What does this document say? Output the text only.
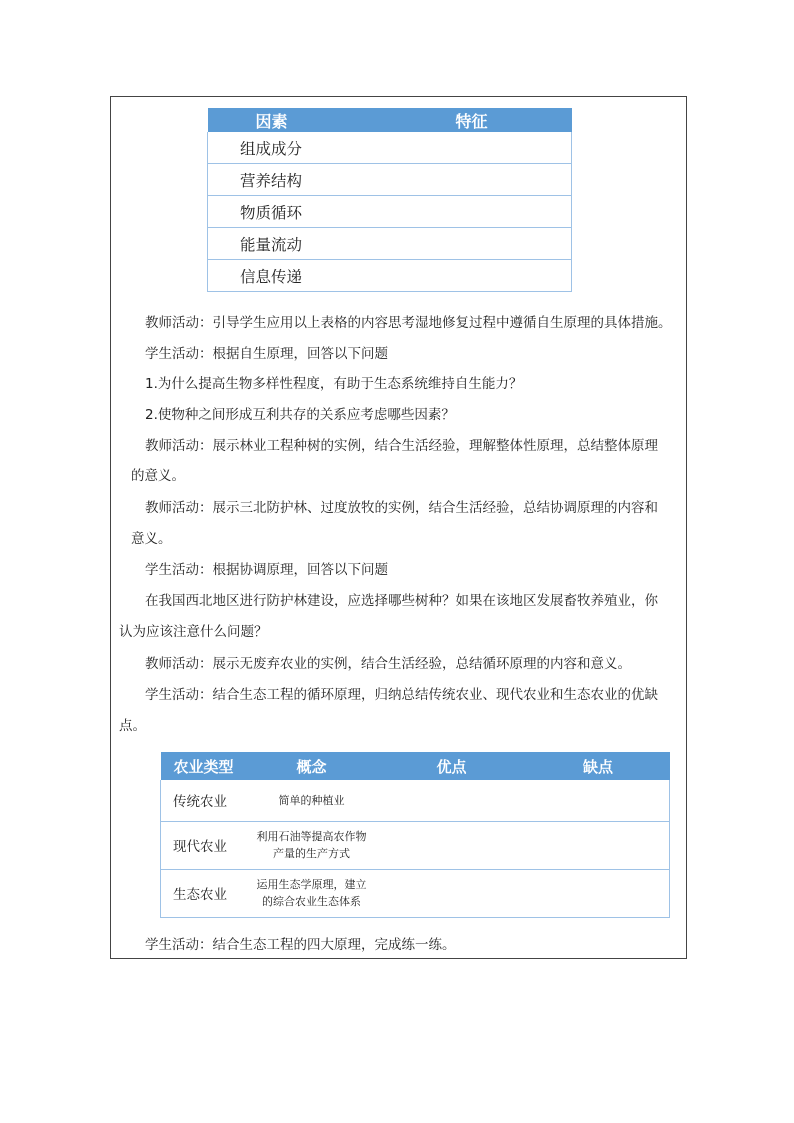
因素	特征
组成成分	
营养结构	
物质循环	
能量流动	
信息传递	
教师活动：引导学生应用以上表格的内容思考湿地修复过程中遵循自生原理的具体措施。
学生活动：根据自生原理，回答以下问题
1.为什么提高生物多样性程度，有助于生态系统维持自生能力？
2.使物种之间形成互利共存的关系应考虑哪些因素？
教师活动：展示林业工程种树的实例，结合生活经验，理解整体性原理，总结整体原理
的意义。
教师活动：展示三北防护林、过度放牧的实例，结合生活经验，总结协调原理的内容和
意义。
学生活动：根据协调原理，回答以下问题
在我国西北地区进行防护林建设，应选择哪些树种？如果在该地区发展畜牧养殖业，你
认为应该注意什么问题？
教师活动：展示无废弃农业的实例，结合生活经验，总结循环原理的内容和意义。
学生活动：结合生态工程的循环原理，归纳总结传统农业、现代农业和生态农业的优缺
点。
农业类型	概念	优点	缺点
传统农业	简单的种植业		

现代农业	利用石油等提高农作物
产量的生产方式		

生态农业	运用生态学原理，建立
的综合农业生态体系		

学生活动：结合生态工程的四大原理，完成练一练。
